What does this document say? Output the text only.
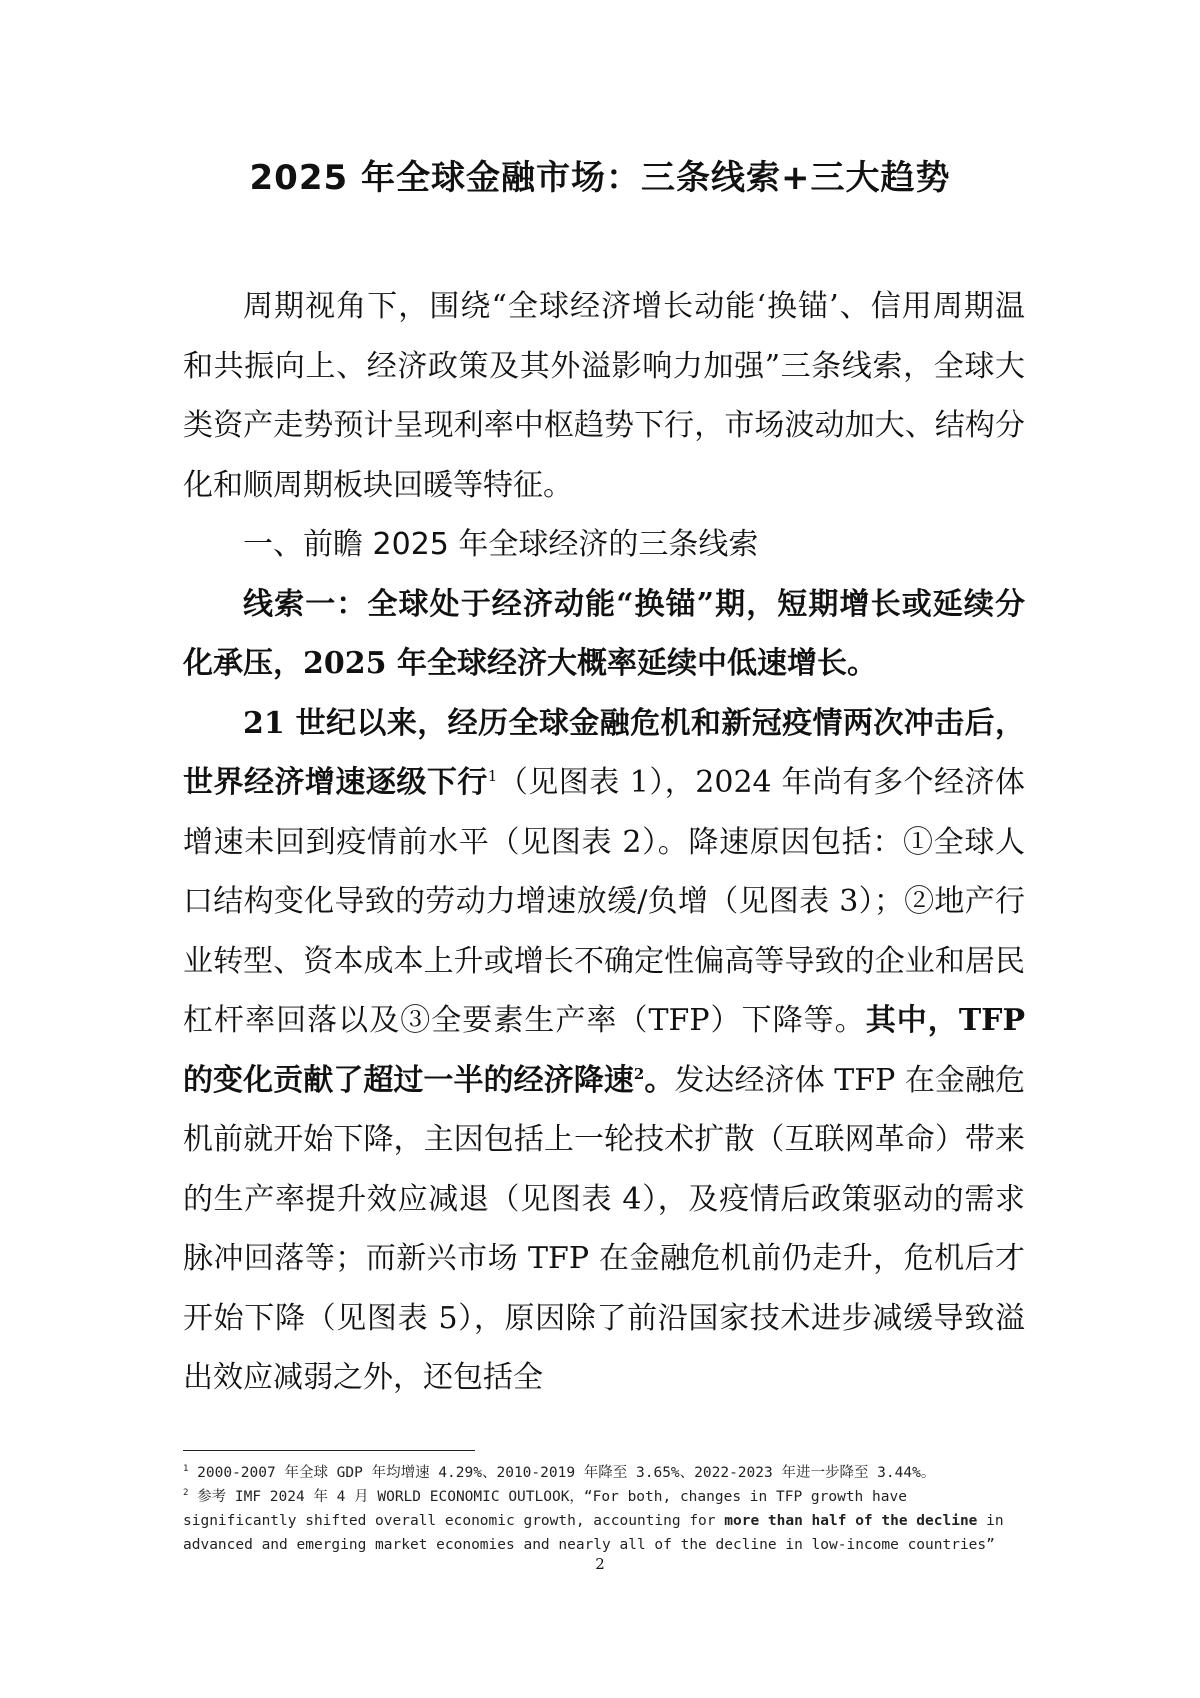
2025 年全球金融市场：三条线索+三大趋势

周期视角下，围绕“全球经济增长动能‘换锚’、信用周期温和共振向上、经济政策及其外溢影响力加强”三条线索，全球大类资产走势预计呈现利率中枢趋势下行，市场波动加大、结构分化和顺周期板块回暖等特征。

一、前瞻 2025 年全球经济的三条线索

线索一：全球处于经济动能“换锚”期，短期增长或延续分化承压，2025 年全球经济大概率延续中低速增长。

21 世纪以来，经历全球金融危机和新冠疫情两次冲击后，世界经济增速逐级下行$^1$（见图表 1），2024 年尚有多个经济体增速未回到疫情前水平（见图表 2）。降速原因包括：①全球人口结构变化导致的劳动力增速放缓/负增（见图表 3）；②地产行业转型、资本成本上升或增长不确定性偏高等导致的企业和居民杠杆率回落以及③全要素生产率（TFP）下降等。其中，TFP 的变化贡献了超过一半的经济降速$^2$。发达经济体 TFP 在金融危机前就开始下降，主因包括上一轮技术扩散（互联网革命）带来的生产率提升效应减退（见图表 4），及疫情后政策驱动的需求脉冲回落等；而新兴市场 TFP 在金融危机前仍走升，危机后才开始下降（见图表 5），原因除了前沿国家技术进步减缓导致溢出效应减弱之外，还包括全

$^1$ 2000-2007 年全球 GDP 年均增速 4.29%、2010-2019 年降至 3.65%、2022-2023 年进一步降至 3.44%。
$^2$ 参考 IMF 2024 年 4 月 WORLD ECONOMIC OUTLOOK，“For both, changes in TFP growth have significantly shifted overall economic growth, accounting for more than half of the decline in advanced and emerging market economies and nearly all of the decline in low-income countries”
2
